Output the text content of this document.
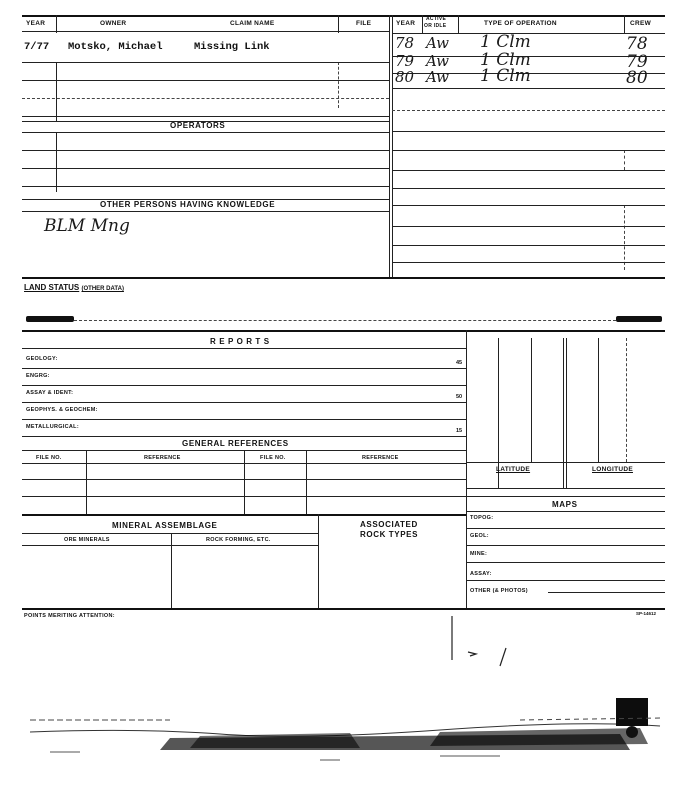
YEAR	OWNER	CLAIM NAME	FILE	YEAR
ACTIVE
OR IDLE	TYPE OF OPERATION	CREW
7/77 Motsko, Michael	Missing Link	78 Aw 1 Clm	78
79 Aw 1 Clm	79
80 Aw 1 Clm	80
OPERATORS
OTHER PERSONS HAVING KNOWLEDGE
BLM Mng
LAND STATUS (OTHER DATA)
R E P O R T S
GEOLOGY:
45
ENGRG:
ASSAY & IDENT:
50
GEOPHYS. & GEOCHEM:
METALLURGICAL:
15
GENERAL REFERENCES
FILE NO.	REFERENCE	FILE NO.	REFERENCE
MINERAL ASSEMBLAGE
ORE MINERALS	ROCK FORMING, ETC.
ASSOCIATED
ROCK TYPES
LATITUDE	LONGITUDE
MAPS
TOPOG:
GEOL:
MINE:
ASSAY:
OTHER (& PHOTOS)
POINTS MERITING ATTENTION:	SP-14612
